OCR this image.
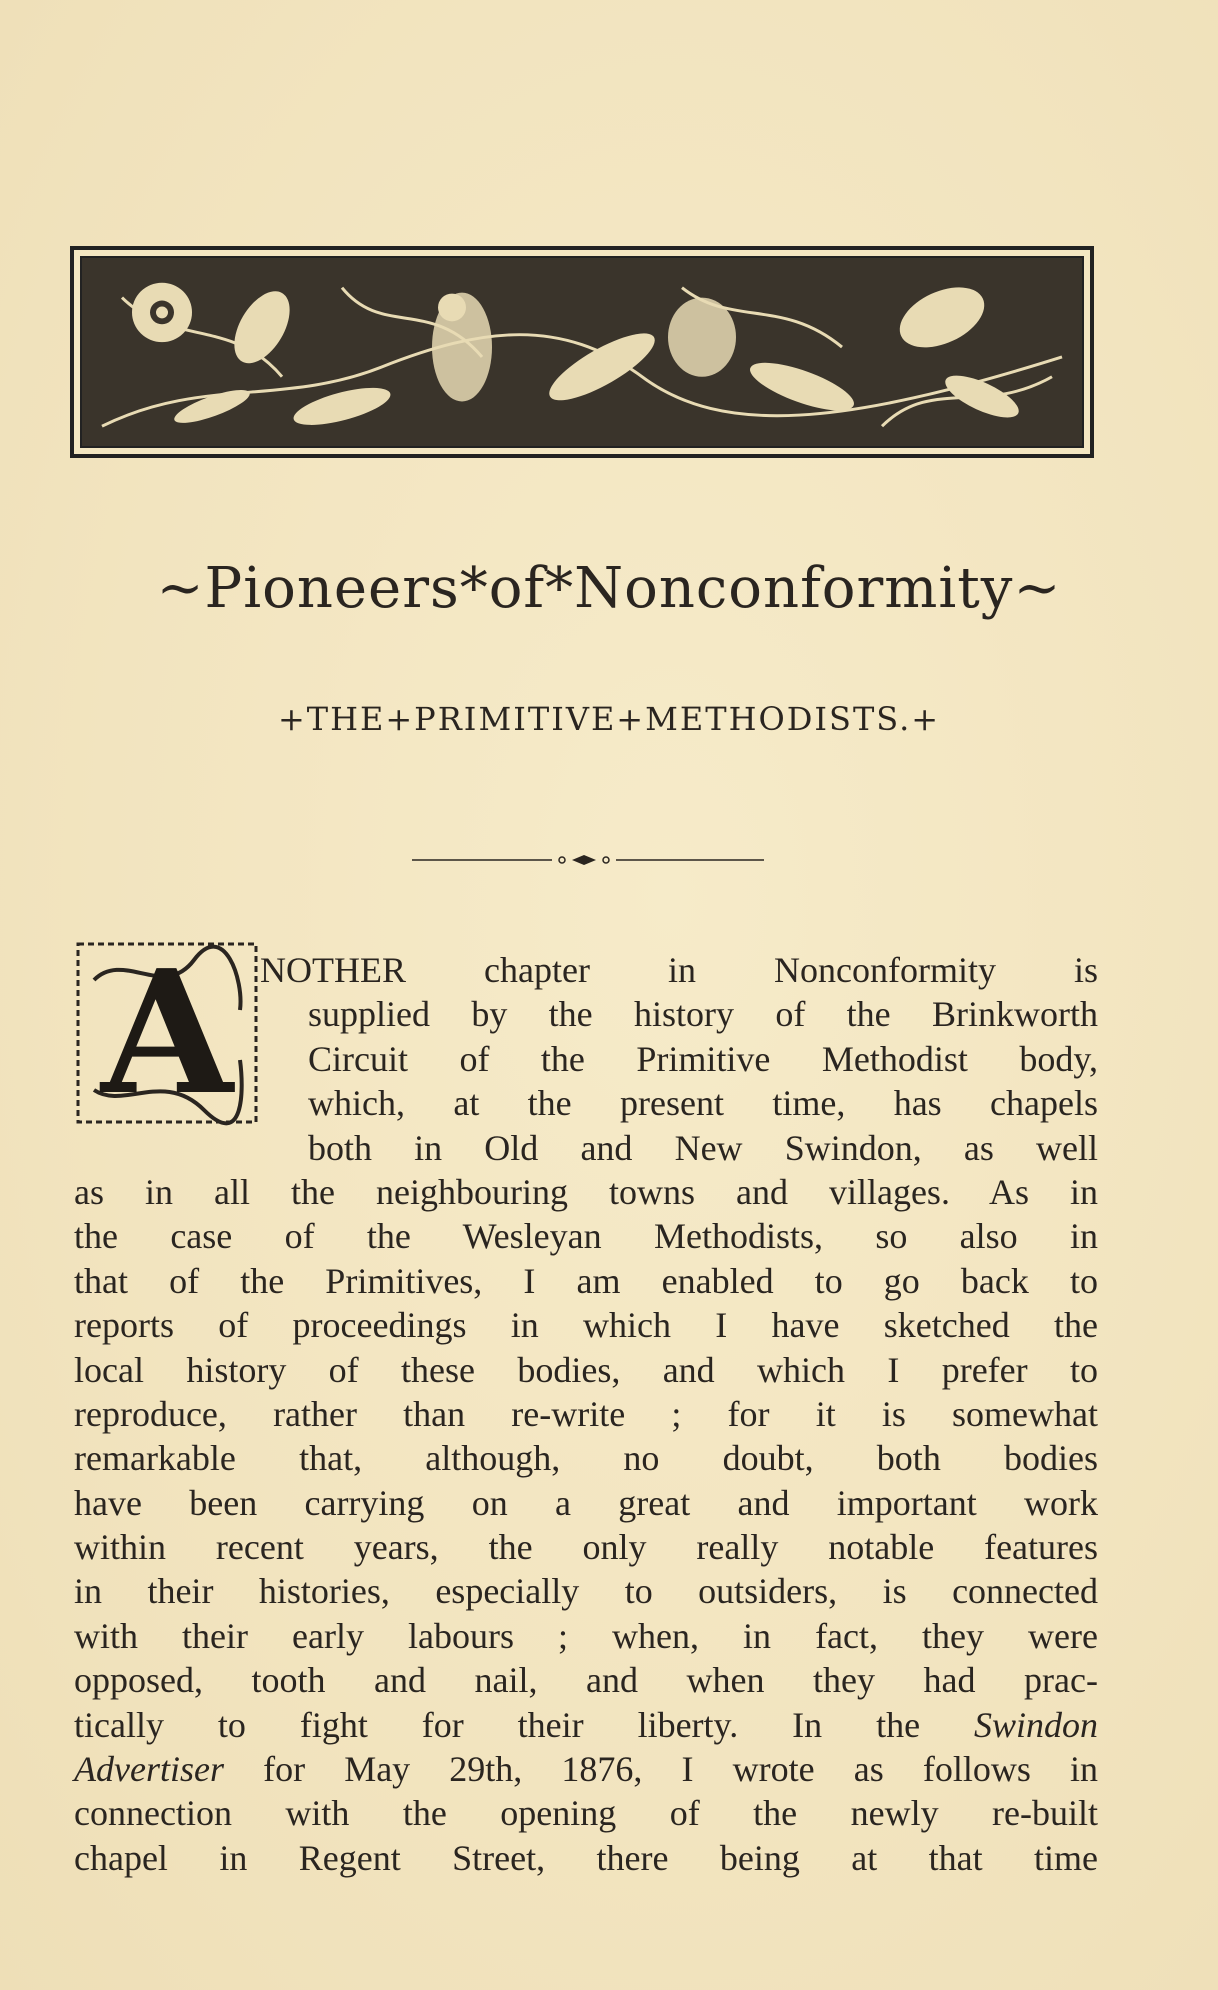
~Pioneers*of*Nonconformity~
+THE+PRIMITIVE+METHODISTS.+
A NOTHER chapter in Nonconformity is
supplied by the history of the Brinkworth
Circuit of the Primitive Methodist body,
which, at the present time, has chapels
both in Old and New Swindon, as well
as in all the neighbouring towns and villages. As in
the case of the Wesleyan Methodists, so also in
that of the Primitives, I am enabled to go back to
reports of proceedings in which I have sketched the
local history of these bodies, and which I prefer to
reproduce, rather than re-write ; for it is somewhat
remarkable that, although, no doubt, both bodies
have been carrying on a great and important work
within recent years, the only really notable features
in their histories, especially to outsiders, is connected
with their early labours ; when, in fact, they were
opposed, tooth and nail, and when they had prac-
tically to fight for their liberty. In the Swindon
Advertiser for May 29th, 1876, I wrote as follows in
connection with the opening of the newly re-built
chapel in Regent Street, there being at that time
